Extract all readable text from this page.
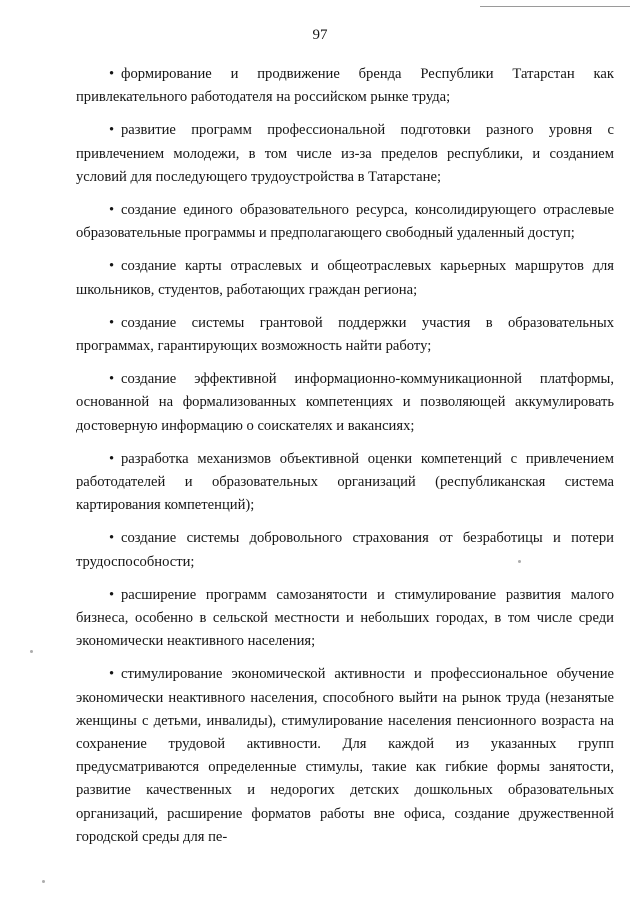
97

• формирование и продвижение бренда Республики Татарстан как привлекательного работодателя на российском рынке труда;

• развитие программ профессиональной подготовки разного уровня с привлечением молодежи, в том числе из-за пределов республики, и созданием условий для последующего трудоустройства в Татарстане;

• создание единого образовательного ресурса, консолидирующего отраслевые образовательные программы и предполагающего свободный удаленный доступ;

• создание карты отраслевых и общеотраслевых карьерных маршрутов для школьников, студентов, работающих граждан региона;

• создание системы грантовой поддержки участия в образовательных программах, гарантирующих возможность найти работу;

• создание эффективной информационно-коммуникационной платформы, основанной на формализованных компетенциях и позволяющей аккумулировать достоверную информацию о соискателях и вакансиях;

• разработка механизмов объективной оценки компетенций с привлечением работодателей и образовательных организаций (республиканская система картирования компетенций);

• создание системы добровольного страхования от безработицы и потери трудоспособности;

• расширение программ самозанятости и стимулирование развития малого бизнеса, особенно в сельской местности и небольших городах, в том числе среди экономически неактивного населения;

• стимулирование экономической активности и профессиональное обучение экономически неактивного населения, способного выйти на рынок труда (незанятые женщины с детьми, инвалиды), стимулирование населения пенсионного возраста на сохранение трудовой активности. Для каждой из указанных групп предусматриваются определенные стимулы, такие как гибкие формы занятости, развитие качественных и недорогих детских дошкольных образовательных организаций, расширение форматов работы вне офиса, создание дружественной городской среды для пе-
